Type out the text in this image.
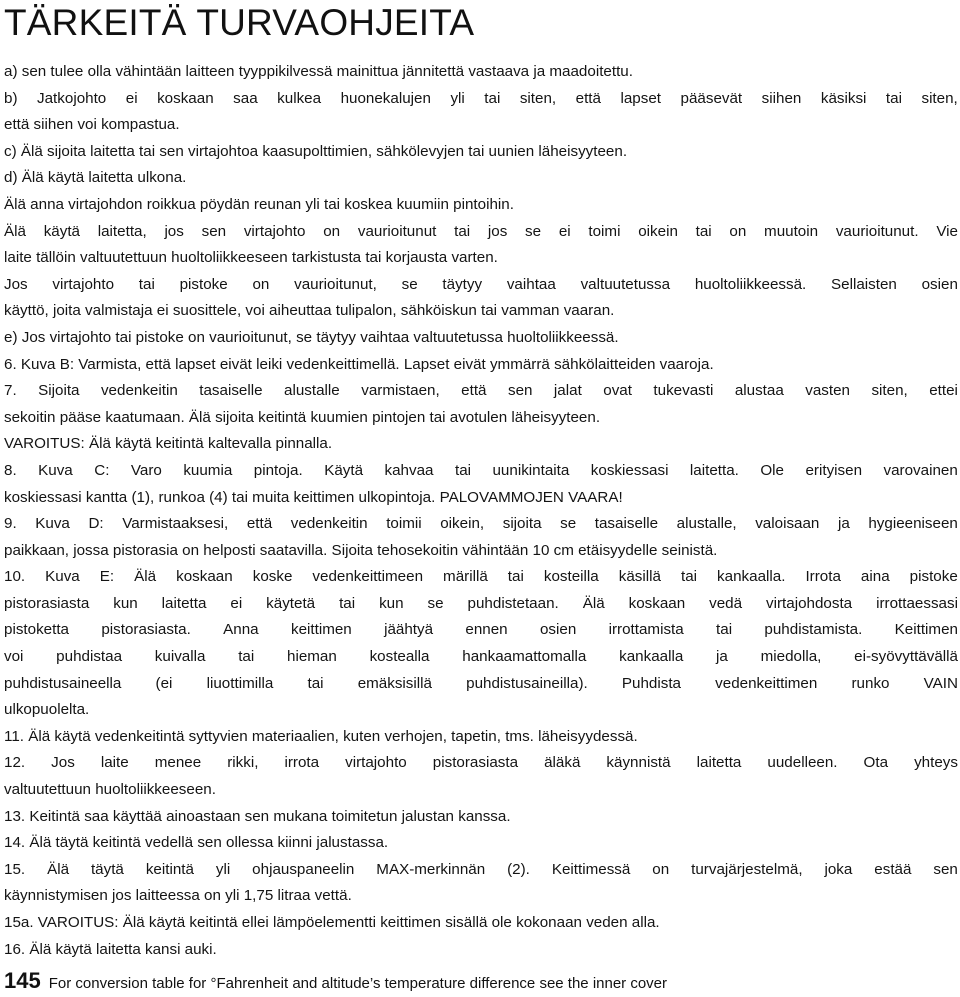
TÄRKEITÄ TURVAOHJEITA
a) sen tulee olla vähintään laitteen tyyppikilvessä mainittua jännitettä vastaava ja maadoitettu.
b) Jatkojohto ei koskaan saa kulkea huonekalujen yli tai siten, että lapset pääsevät siihen käsiksi tai siten,
että siihen voi kompastua.
c) Älä sijoita laitetta tai sen virtajohtoa kaasupolttimien, sähkölevyjen tai uunien läheisyyteen.
d) Älä käytä laitetta ulkona.
Älä anna virtajohdon roikkua pöydän reunan yli tai koskea kuumiin pintoihin.
Älä käytä laitetta, jos sen virtajohto on vaurioitunut tai jos se ei toimi oikein tai on muutoin vaurioitunut. Vie
laite tällöin valtuutettuun huoltoliikkeeseen tarkistusta tai korjausta varten.
Jos virtajohto tai pistoke on vaurioitunut, se täytyy vaihtaa valtuutetussa huoltoliikkeessä. Sellaisten osien
käyttö, joita valmistaja ei suosittele, voi aiheuttaa tulipalon, sähköiskun tai vamman vaaran.
e) Jos virtajohto tai pistoke on vaurioitunut, se täytyy vaihtaa valtuutetussa huoltoliikkeessä.
6. Kuva B: Varmista, että lapset eivät leiki vedenkeittimellä. Lapset eivät ymmärrä sähkölaitteiden vaaroja.
7. Sijoita vedenkeitin tasaiselle alustalle varmistaen, että sen jalat ovat tukevasti alustaa vasten siten, ettei
sekoitin pääse kaatumaan. Älä sijoita keitintä kuumien pintojen tai avotulen läheisyyteen.
VAROITUS: Älä käytä keitintä kaltevalla pinnalla.
8. Kuva C: Varo kuumia pintoja. Käytä kahvaa tai uunikintaita koskiessasi laitetta. Ole erityisen varovainen
koskiessasi kantta (1), runkoa (4) tai muita keittimen ulkopintoja. PALOVAMMOJEN VAARA!
9. Kuva D: Varmistaaksesi, että vedenkeitin toimii oikein, sijoita se tasaiselle alustalle, valoisaan ja hygieeniseen
paikkaan, jossa pistorasia on helposti saatavilla. Sijoita tehosekoitin vähintään 10 cm etäisyydelle seinistä.
10. Kuva E: Älä koskaan koske vedenkeittimeen märillä tai kosteilla käsillä tai kankaalla. Irrota aina pistoke
pistorasiasta kun laitetta ei käytetä tai kun se puhdistetaan. Älä koskaan vedä virtajohdosta irrottaessasi
pistoketta pistorasiasta. Anna keittimen jäähtyä ennen osien irrottamista tai puhdistamista. Keittimen
voi puhdistaa kuivalla tai hieman kostealla hankaamattomalla kankaalla ja miedolla, ei-syövyttävällä
puhdistusaineella (ei liuottimilla tai emäksisillä puhdistusaineilla). Puhdista vedenkeittimen runko VAIN
ulkopuolelta.
11. Älä käytä vedenkeitintä syttyvien materiaalien, kuten verhojen, tapetin, tms. läheisyydessä.
12. Jos laite menee rikki, irrota virtajohto pistorasiasta äläkä käynnistä laitetta uudelleen. Ota yhteys
valtuutettuun huoltoliikkeeseen.
13. Keitintä saa käyttää ainoastaan sen mukana toimitetun jalustan kanssa.
14. Älä täytä keitintä vedellä sen ollessa kiinni jalustassa.
15. Älä täytä keitintä yli ohjauspaneelin MAX-merkinnän (2). Keittimessä on turvajärjestelmä, joka estää sen
käynnistymisen jos laitteessa on yli 1,75 litraa vettä.
15a. VAROITUS: Älä käytä keitintä ellei lämpöelementti keittimen sisällä ole kokonaan veden alla.
16. Älä käytä laitetta kansi auki.
145 For conversion table for °Fahrenheit and altitude’s temperature difference see the inner cover
